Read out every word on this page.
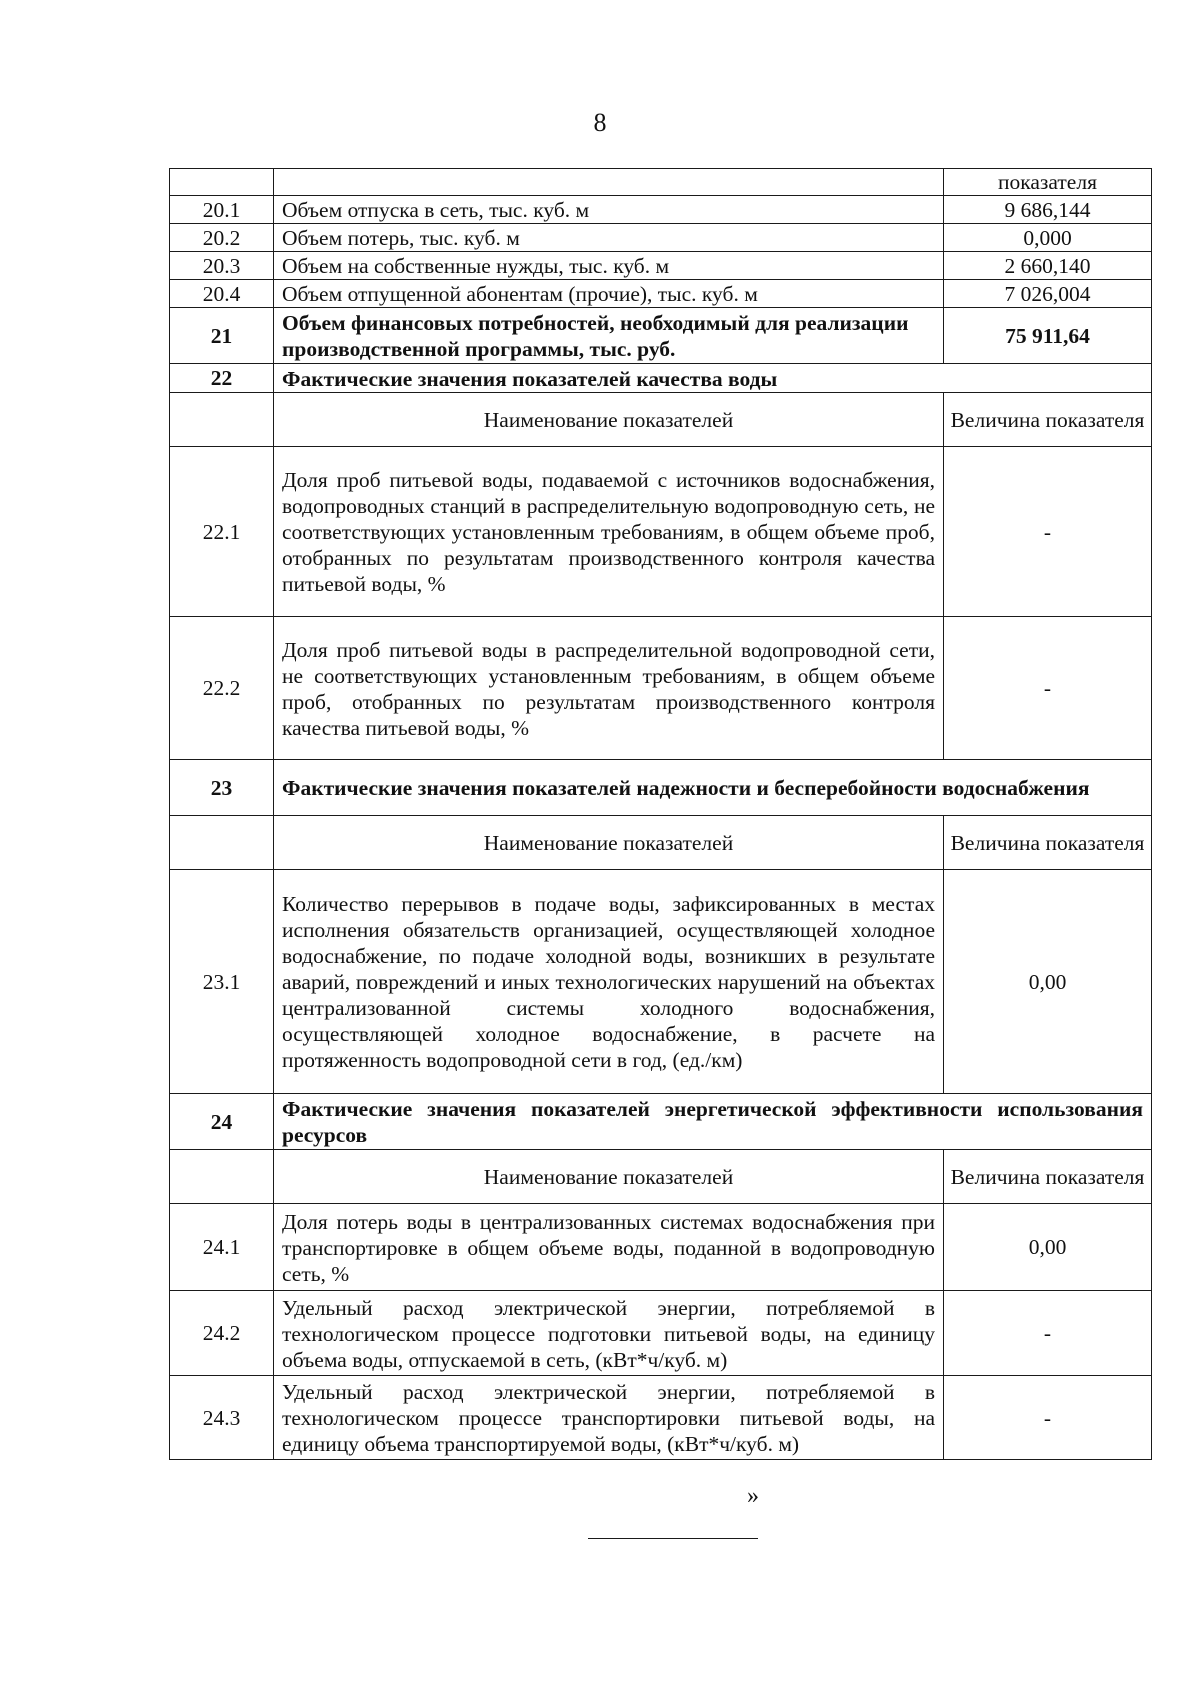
8
		показателя
20.1	Объем отпуска в сеть, тыс. куб. м	9 686,144
20.2	Объем потерь, тыс. куб. м	0,000
20.3	Объем на собственные нужды, тыс. куб. м	2 660,140
20.4	Объем отпущенной абонентам (прочие), тыс. куб. м	7 026,004
21	Объем финансовых потребностей, необходимый для реализации производственной программы, тыс. руб.	75 911,64
22	Фактические значения показателей качества воды	
	Наименование показателей	Величина показателя
22.1	Доля проб питьевой воды, подаваемой с источников водоснабжения, водопроводных станций в распределительную водопроводную сеть, не соответствующих установленным требованиям, в общем объеме проб, отобранных по результатам производственного контроля качества питьевой воды, %	-
22.2	Доля проб питьевой воды в распределительной водопроводной сети, не соответствующих установленным требованиям, в общем объеме проб, отобранных по результатам производственного контроля качества питьевой воды, %	-
23	Фактические значения показателей надежности и бесперебойности водоснабжения	
	Наименование показателей	Величина показателя
23.1	Количество перерывов в подаче воды, зафиксированных в местах исполнения обязательств организацией, осуществляющей холодное водоснабжение, по подаче холодной воды, возникших в результате аварий, повреждений и иных технологических нарушений на объектах централизованной системы холодного водоснабжения, осуществляющей холодное водоснабжение, в расчете на протяженность водопроводной сети в год, (ед./км)	0,00
24	Фактические значения показателей энергетической эффективности использования ресурсов	
	Наименование показателей	Величина показателя
24.1	Доля потерь воды в централизованных системах водоснабжения при транспортировке в общем объеме воды, поданной в водопроводную сеть, %	0,00
24.2	Удельный расход электрической энергии, потребляемой в технологическом процессе подготовки питьевой воды, на единицу объема воды, отпускаемой в сеть, (кВт*ч/куб. м)	-
24.3	Удельный расход электрической энергии, потребляемой в технологическом процессе транспортировки питьевой воды, на единицу объема транспортируемой воды, (кВт*ч/куб. м)	-
»
